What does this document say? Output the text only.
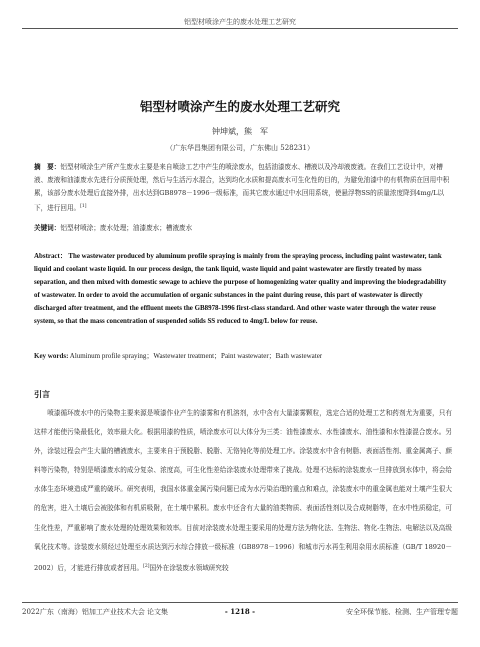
铝型材喷涂产生的废水处理工艺研究
铝型材喷涂产生的废水处理工艺研究
钟坤斌，熊　军
（广东华昌集团有限公司，广东佛山 528231）
摘　要：铝型材喷涂生产所产生废水主要是来自喷涂工艺中产生的喷涂废水，包括油漆废水、槽液以及冷却液废液。在我们工艺设计中，对槽液、废液和油漆废水先进行分质预处理，然后与生活污水混合，达到均化水质和提高废水可生化性的目的，为避免油漆中的有机物质在回用中积累，该部分废水处理后直接外排，出水达到GB8978－1996一级标准，而其它废水通过中水回用系统，使悬浮物SS的质量浓度降到4mg/L以下，进行回用。[1]
关键词：铝型材喷涂；废水处理；油漆废水；槽液废水
Abstract： The wastewater produced by aluminum profile spraying is mainly from the spraying process, including paint wastewater, tank liquid and coolant waste liquid. In our process design, the tank liquid, waste liquid and paint wastewater are firstly treated by mass separation, and then mixed with domestic sewage to achieve the purpose of homogenizing water quality and improving the biodegradability of wastewater. In order to avoid the accumulation of organic substances in the paint during reuse, this part of wastewater is directly discharged after treatment, and the effluent meets the GB8978-1996 first-class standard. And other waste water through the water reuse system, so that the mass concentration of suspended solids SS reduced to 4mg/L below for reuse.
Key words: Aluminum profile spraying；Wastewater treatment；Paint wastewater；Bath wastewater
引言
喷漆循环废水中的污染物主要来源是喷漆作业产生的漆雾和有机溶剂，水中含有大量漆雾颗粒，选定合适的处理工艺和药剂尤为重要，只有这样才能使污染最低化，效率最大化。根据用漆的性质，喷涂废水可以大体分为三类：油性漆废水、水性漆废水、油性漆和水性漆混合废水。另外，涂装过程会产生大量的槽液废水，主要来自于预脱脂、脱脂、无铬钝化等前处理工序。涂装废水中含有树脂、表面活性剂、重金属离子、颜料等污染物，特别是喷漆废水的成分复杂、浓度高，可生化性差给涂装废水处理带来了挑战。处理不达标的涂装废水一旦排放到水体中，将会给水体生态环境造成严重的破坏。研究表明，我国水体重金属污染问题已成为水污染治理的重点和难点，涂装废水中的重金属也能对土壤产生很大的危害，进入土壤后会被胶体和有机质吸附，在土壤中累积。废水中还含有大量的油类物质、表面活性剂以及合成树脂等，在水中性质稳定，可生化性差，严重影响了废水处理的处理效果和效率。目前对涂装废水处理主要采用的处理方法为物化法、生物法、物化-生物法、电解法以及高级氧化技术等。涂装废水须经过处理至水质达到污水综合排放一级标准（GB8978－1996）和城市污水再生利用杂用水质标准（GB/T 18920－2002）后，才能进行排放或者回用。[2]国外在涂装废水领域研究较
2022广东（南海）铝加工产业技术大会 论文集	- 1218 -	安全环保节能、检测、生产管理专题
